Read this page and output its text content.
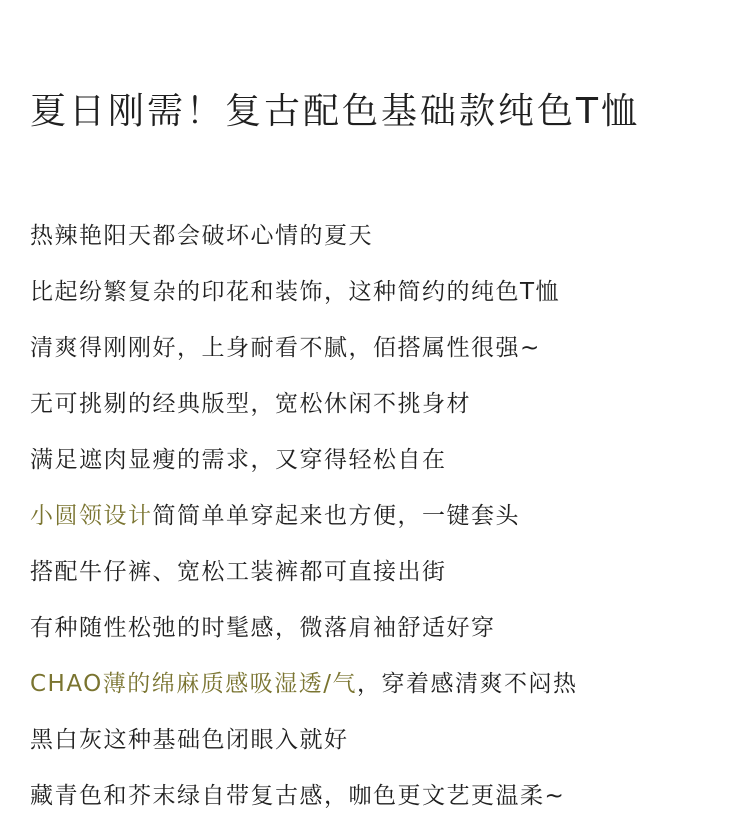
夏日刚需！复古配色基础款纯色T恤
热辣艳阳天都会破坏心情的夏天
比起纷繁复杂的印花和装饰，这种简约的纯色T恤
清爽得刚刚好，上身耐看不腻，佰搭属性很强~
无可挑剔的经典版型，宽松休闲不挑身材
满足遮肉显瘦的需求，又穿得轻松自在
小圆领设计简简单单穿起来也方便，一键套头
搭配牛仔裤、宽松工装裤都可直接出街
有种随性松弛的时髦感，微落肩袖舒适好穿
CHAO薄的绵麻质感吸湿透/气，穿着感清爽不闷热
黑白灰这种基础色闭眼入就好
藏青色和芥末绿自带复古感，咖色更文艺更温柔~
